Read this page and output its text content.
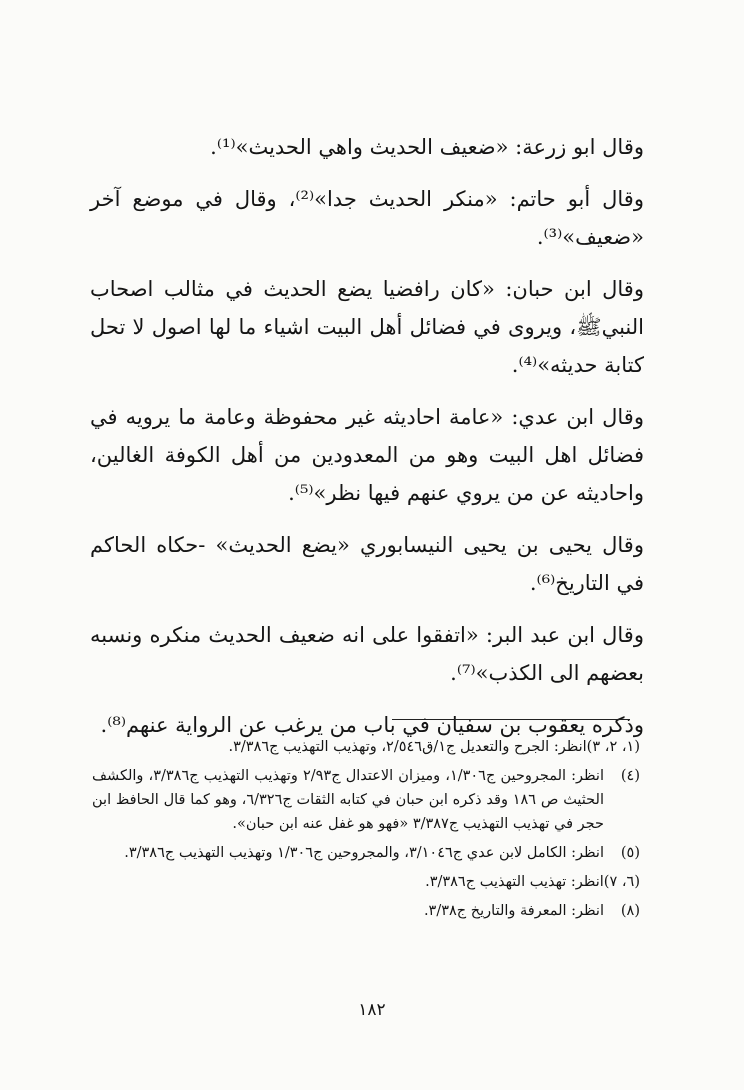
وقال ابو زرعة: «ضعيف الحديث واهي الحديث»⁽¹⁾.

وقال أبو حاتم: «منكر الحديث جدا»⁽²⁾، وقال في موضع آخر «ضعيف»⁽³⁾.

وقال ابن حبان: «كان رافضيا يضع الحديث في مثالب اصحاب النبيﷺ، ويروى في فضائل أهل البيت اشياء ما لها اصول لا تحل كتابة حديثه»⁽⁴⁾.

وقال ابن عدي: «عامة احاديثه غير محفوظة وعامة ما يرويه في فضائل اهل البيت وهو من المعدودين من أهل الكوفة الغالين، واحاديثه عن من يروي عنهم فيها نظر»⁽⁵⁾.

وقال يحيى بن يحيى النيسابوري «يضع الحديث» -حكاه الحاكم في التاريخ⁽⁶⁾.

وقال ابن عبد البر: «اتفقوا على انه ضعيف الحديث منكره ونسبه بعضهم الى الكذب»⁽⁷⁾.

وذكره يعقوب بن سفيان في باب من يرغب عن الرواية عنهم⁽⁸⁾.

(١، ٢، ٣)
انظر: الجرح والتعديل ج١/ق٢/٥٤٦، وتهذيب التهذيب ج٣/٣٨٦.
(٤)
انظر: المجروحين ج١/٣٠٦، وميزان الاعتدال ج٢/٩٣ وتهذيب التهذيب ج٣/٣٨٦، والكشف الحثيث ص ١٨٦ وقد ذكره ابن حبان في كتابه الثقات ج٦/٣٢٦، وهو كما قال الحافظ ابن حجر في تهذيب التهذيب ج٣/٣٨٧ «فهو هو غفل عنه ابن حبان».
(٥)
انظر: الكامل لابن عدي ج٣/١٠٤٦، والمجروحين ج١/٣٠٦ وتهذيب التهذيب ج٣/٣٨٦.
(٦، ٧)
انظر: تهذيب التهذيب ج٣/٣٨٦.
(٨)
انظر: المعرفة والتاريخ ج٣/٣٨.
١٨٢
